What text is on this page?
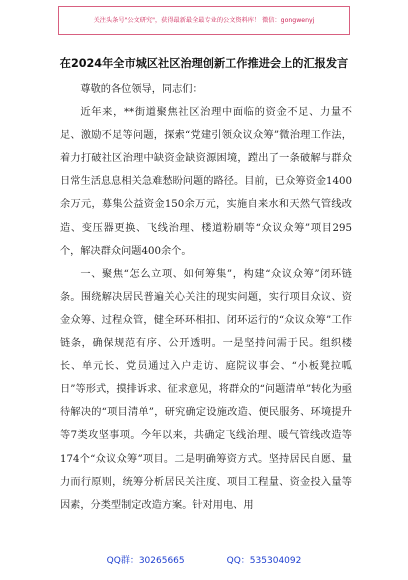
关注头条号"公文研究"，获得最新最全最专业的公文资料库！ 微信：gongwenyj
在2024年全市城区社区治理创新工作推进会上的汇报发言

尊敬的各位领导，同志们：

近年来，**街道聚焦社区治理中面临的资金不足、力量不足、激励不足等问题，探索“党建引领众议众筹”微治理工作法，着力打破社区治理中缺资金缺资源困境，蹚出了一条破解与群众日常生活息息相关急难愁盼问题的路径。目前，已众筹资金1400余万元，募集公益资金150余万元，实施自来水和天然气管线改造、变压器更换、飞线治理、楼道粉刷等“众议众筹”项目295个，解决群众问题400余个。

一、聚焦“怎么立项、如何筹集”，构建“众议众筹”闭环链条。围绕解决居民普遍关心关注的现实问题，实行项目众议、资金众筹、过程众管，健全环环相扣、闭环运行的“众议众筹”工作链条，确保规范有序、公开透明。一是坚持问需于民。组织楼长、单元长、党员通过入户走访、庭院议事会、“小板凳拉呱日”等形式，摸排诉求、征求意见，将群众的“问题清单”转化为亟待解决的“项目清单”，研究确定设施改造、便民服务、环境提升等7类攻坚事项。今年以来，共确定飞线治理、暖气管线改造等174个“众议众筹”项目。二是明确筹资方式。坚持居民自愿、量力而行原则，统筹分析居民关注度、项目工程量、资金投入量等因素，分类型制定改造方案。针对用电、用

QQ群：30265665	QQ：535304092
